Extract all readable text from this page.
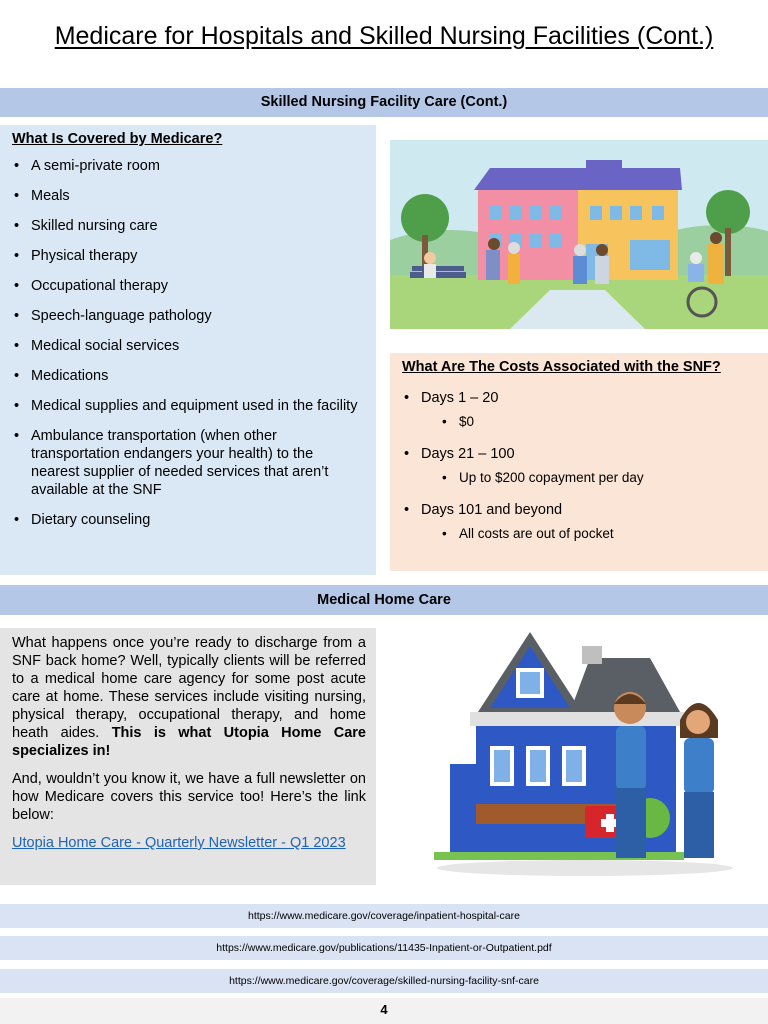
Medicare for Hospitals and Skilled Nursing Facilities (Cont.)
Skilled Nursing Facility Care (Cont.)
What Is Covered by Medicare?
• A semi-private room
• Meals
• Skilled nursing care
• Physical therapy
• Occupational therapy
• Speech-language pathology
• Medical social services
• Medications
• Medical supplies and equipment used in the facility
• Ambulance transportation (when other transportation endangers your health) to the nearest supplier of needed services that aren’t available at the SNF
• Dietary counseling
What Are The Costs Associated with the SNF?
• Days 1 – 20
• $0
• Days 21 – 100
• Up to $200 copayment per day
• Days 101 and beyond
• All costs are out of pocket
Medical Home Care

What happens once you’re ready to discharge from a SNF back home? Well, typically clients will be referred to a medical home care agency for some post acute care at home. These services include visiting nursing, physical therapy, occupational therapy, and home heath aides. This is what Utopia Home Care specializes in!

And, wouldn’t you know it, we have a full newsletter on how Medicare covers this service too! Here’s the link below:

Utopia Home Care - Quarterly Newsletter - Q1 2023
https://www.medicare.gov/coverage/inpatient-hospital-care
https://www.medicare.gov/publications/11435-Inpatient-or-Outpatient.pdf
https://www.medicare.gov/coverage/skilled-nursing-facility-snf-care
4
